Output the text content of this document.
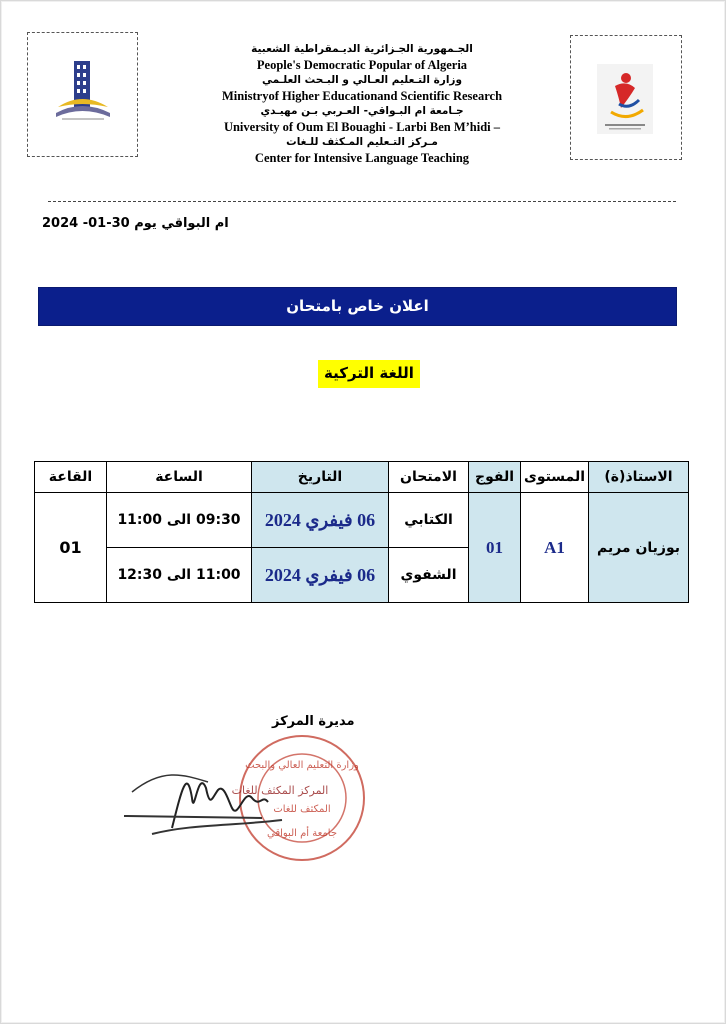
الجـمهورية الجـزائرية الديـمقراطية الشعبية
People's Democratic Popular of Algeria
وزارة التـعليم العـالي و البـحث العلـمي
Ministryof Higher Educationand Scientific Research
جـامعة ام البـواقي- العـربي بـن مهيـدي
University of Oum El Bouaghi - Larbi Ben M’hidi –
مـركز التـعليم المـكثف للـغات
Center for Intensive Language Teaching
ام البواقي يوم 30-01- 2024
اعلان خاص بامتحان
اللغة التركية
القاعة	الساعة	التاريخ	الامتحان	الفوج	المستوى	الاستاذ(ة)
01	09:30 الى 11:00	06 فيفري 2024	الكتابي	01	A1	بوزيان مريم
	11:00 الى 12:30	06 فيفري 2024	الشفوي			
مديرة المركز
وزارة التعليم العالي والبحث
المركز المكثف للغات
المكثف للغات
جامعة أم البواقي
